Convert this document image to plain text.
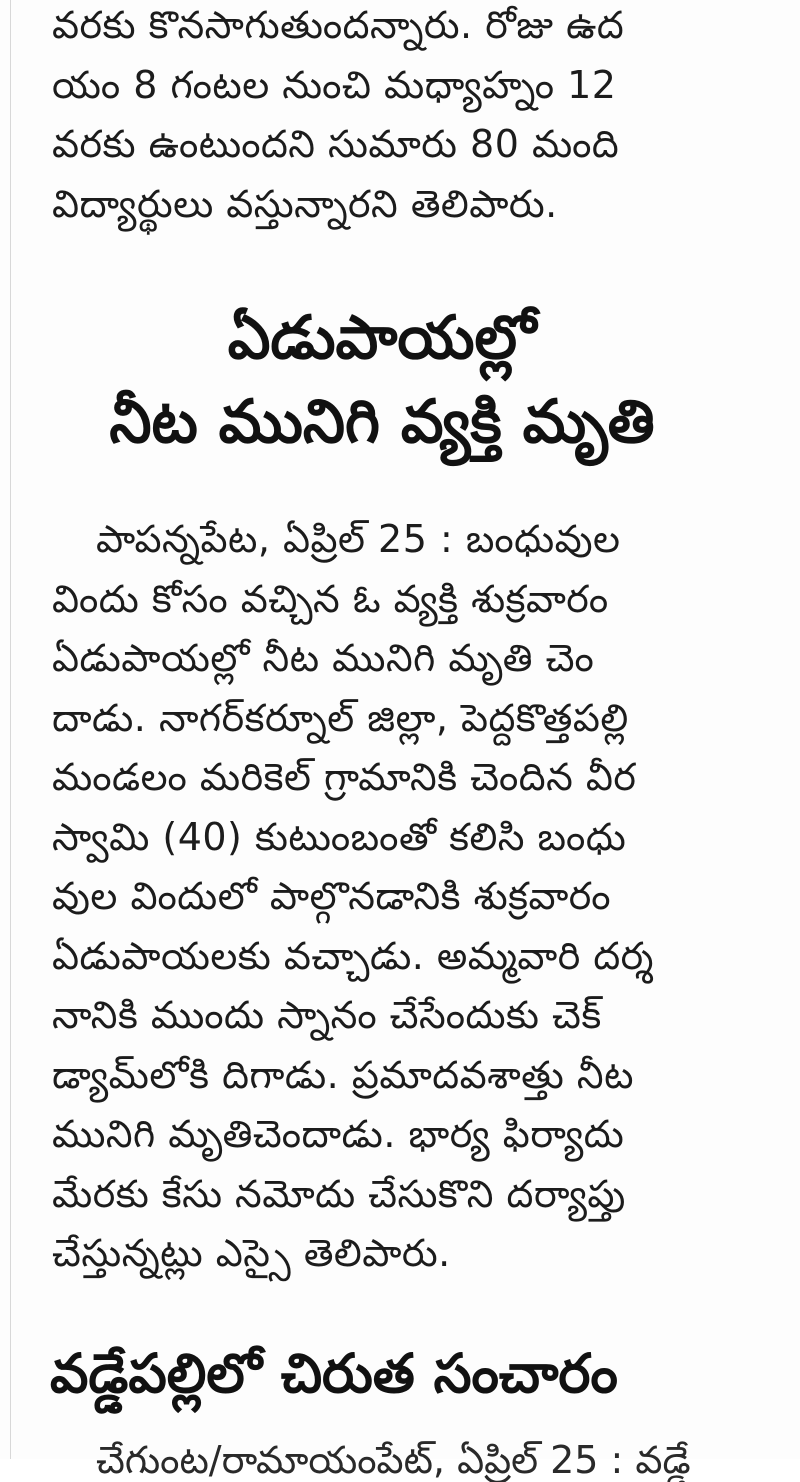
వరకు కొనసాగుతుందన్నారు. రోజు ఉద
యం 8 గంటల నుంచి మధ్యాహ్నం 12
వరకు ఉంటుందని సుమారు 80 మంది
విద్యార్థులు వస్తున్నారని తెలిపారు.

ఏడుపాయల్లో
నీట మునిగి వ్యక్తి మృతి

పాపన్నపేట, ఏప్రిల్ 25 : బంధువుల
విందు కోసం వచ్చిన ఓ వ్యక్తి శుక్రవారం
ఏడుపాయల్లో నీట మునిగి మృతి చెం
దాడు. నాగర్‌కర్నూల్ జిల్లా, పెద్దకొత్తపల్లి
మండలం మరికెల్ గ్రామానికి చెందిన వీర
స్వామి (40) కుటుంబంతో కలిసి బంధు
వుల విందులో పాల్గొనడానికి శుక్రవారం
ఏడుపాయలకు వచ్చాడు. అమ్మవారి దర్శ
నానికి ముందు స్నానం చేసేందుకు చెక్
డ్యామ్‌లోకి దిగాడు. ప్రమాదవశాత్తు నీట
మునిగి మృతిచెందాడు. భార్య ఫిర్యాదు
మేరకు కేసు నమోదు చేసుకొని దర్యాప్తు
చేస్తున్నట్లు ఎస్సై తెలిపారు.

వడ్డేపల్లిలో చిరుత సంచారం
చేగుంట/రామాయంపేట్, ఏప్రిల్ 25 : వడ్డే
